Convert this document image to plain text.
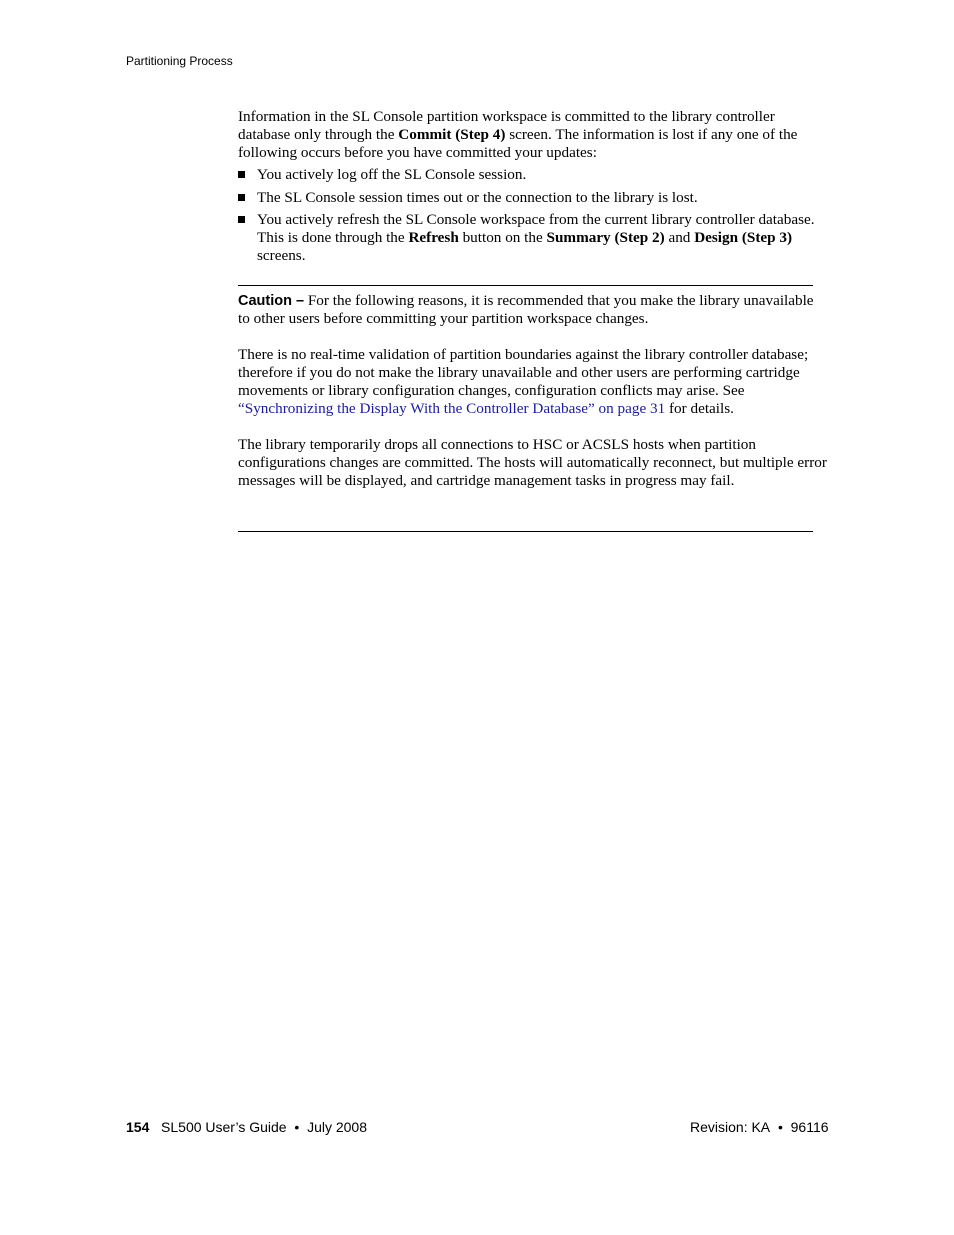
Partitioning Process

Information in the SL Console partition workspace is committed to the library controller database only through the Commit (Step 4) screen. The information is lost if any one of the following occurs before you have committed your updates:

You actively log off the SL Console session.
The SL Console session times out or the connection to the library is lost.
You actively refresh the SL Console workspace from the current library controller database. This is done through the Refresh button on the Summary (Step 2) and Design (Step 3) screens.

Caution – For the following reasons, it is recommended that you make the library unavailable to other users before committing your partition workspace changes.

There is no real-time validation of partition boundaries against the library controller database; therefore if you do not make the library unavailable and other users are performing cartridge movements or library configuration changes, configuration conflicts may arise. See “Synchronizing the Display With the Controller Database” on page 31 for details.

The library temporarily drops all connections to HSC or ACSLS hosts when partition configurations changes are committed. The hosts will automatically reconnect, but multiple error messages will be displayed, and cartridge management tasks in progress may fail.

154 SL500 User’s Guide • July 2008	Revision: KA • 96116
